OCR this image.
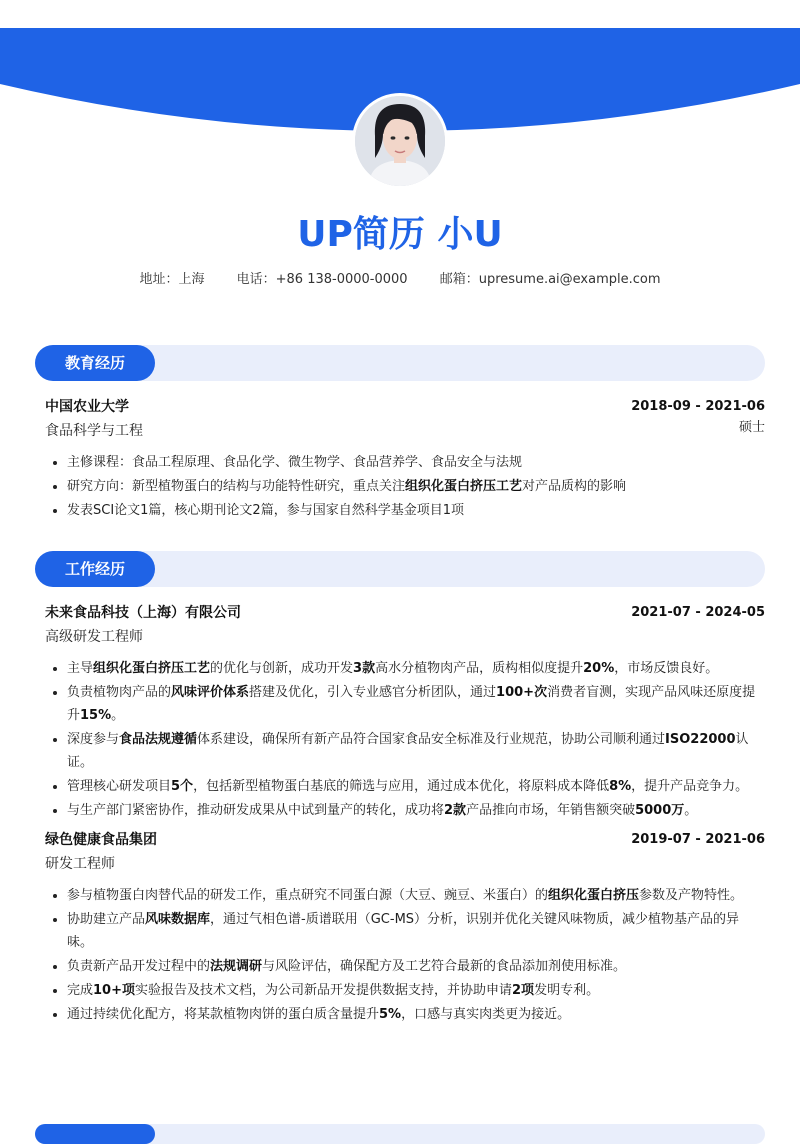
UP简历 小U
地址：上海 电话：+86 138-0000-0000 邮箱：upresume.ai@example.com
教育经历
中国农业大学	2018-09 - 2021-06
食品科学与工程	硕士
• 主修课程：食品工程原理、食品化学、微生物学、食品营养学、食品安全与法规
• 研究方向：新型植物蛋白的结构与功能特性研究，重点关注组织化蛋白挤压工艺对产品质构的影响
• 发表SCI论文1篇，核心期刊论文2篇，参与国家自然科学基金项目1项
工作经历
未来食品科技（上海）有限公司	2021-07 - 2024-05
高级研发工程师
• 主导组织化蛋白挤压工艺的优化与创新，成功开发3款高水分植物肉产品，质构相似度提升20%，市场反馈良好。
• 负责植物肉产品的风味评价体系搭建及优化，引入专业感官分析团队，通过100+次消费者盲测，实现产品风味还原度提升15%。
• 深度参与食品法规遵循体系建设，确保所有新产品符合国家食品安全标准及行业规范，协助公司顺利通过ISO22000认证。
• 管理核心研发项目5个，包括新型植物蛋白基底的筛选与应用，通过成本优化，将原料成本降低8%，提升产品竞争力。
• 与生产部门紧密协作，推动研发成果从中试到量产的转化，成功将2款产品推向市场，年销售额突破5000万。
绿色健康食品集团	2019-07 - 2021-06
研发工程师
• 参与植物蛋白肉替代品的研发工作，重点研究不同蛋白源（大豆、豌豆、米蛋白）的组织化蛋白挤压参数及产物特性。
• 协助建立产品风味数据库，通过气相色谱-质谱联用（GC-MS）分析，识别并优化关键风味物质，减少植物基产品的异味。
• 负责新产品开发过程中的法规调研与风险评估，确保配方及工艺符合最新的食品添加剂使用标准。
• 完成10+项实验报告及技术文档，为公司新品开发提供数据支持，并协助申请2项发明专利。
• 通过持续优化配方，将某款植物肉饼的蛋白质含量提升5%，口感与真实肉类更为接近。
